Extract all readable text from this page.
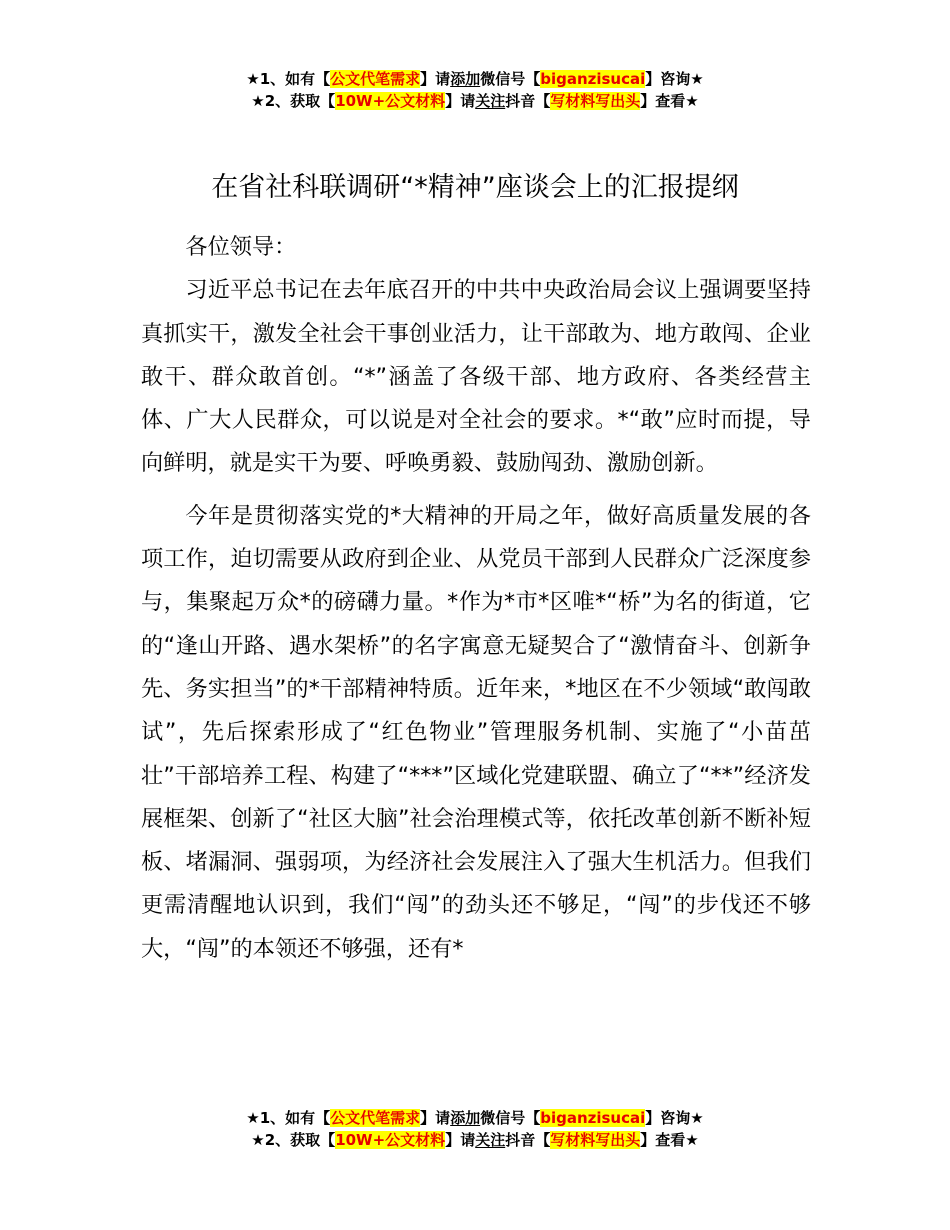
★1、如有【公文代笔需求】请添加微信号【biganzisucai】咨询★
★2、获取【10W+公文材料】请关注抖音【写材料写出头】查看★
在省社科联调研“*精神”座谈会上的汇报提纲

各位领导：

习近平总书记在去年底召开的中共中央政治局会议上强调要坚持真抓实干，激发全社会干事创业活力，让干部敢为、地方敢闯、企业敢干、群众敢首创。“*”涵盖了各级干部、地方政府、各类经营主体、广大人民群众，可以说是对全社会的要求。*“敢”应时而提，导向鲜明，就是实干为要、呼唤勇毅、鼓励闯劲、激励创新。

今年是贯彻落实党的*大精神的开局之年，做好高质量发展的各项工作，迫切需要从政府到企业、从党员干部到人民群众广泛深度参与，集聚起万众*的磅礴力量。*作为*市*区唯*“桥”为名的街道，它的“逢山开路、遇水架桥”的名字寓意无疑契合了“激情奋斗、创新争先、务实担当”的*干部精神特质。近年来，*地区在不少领域“敢闯敢试”，先后探索形成了“红色物业”管理服务机制、实施了“小苗茁壮”干部培养工程、构建了“***”区域化党建联盟、确立了“**”经济发展框架、创新了“社区大脑”社会治理模式等，依托改革创新不断补短板、堵漏洞、强弱项，为经济社会发展注入了强大生机活力。但我们更需清醒地认识到，我们“闯”的劲头还不够足，“闯”的步伐还不够大，“闯”的本领还不够强，还有*

★1、如有【公文代笔需求】请添加微信号【biganzisucai】咨询★
★2、获取【10W+公文材料】请关注抖音【写材料写出头】查看★
